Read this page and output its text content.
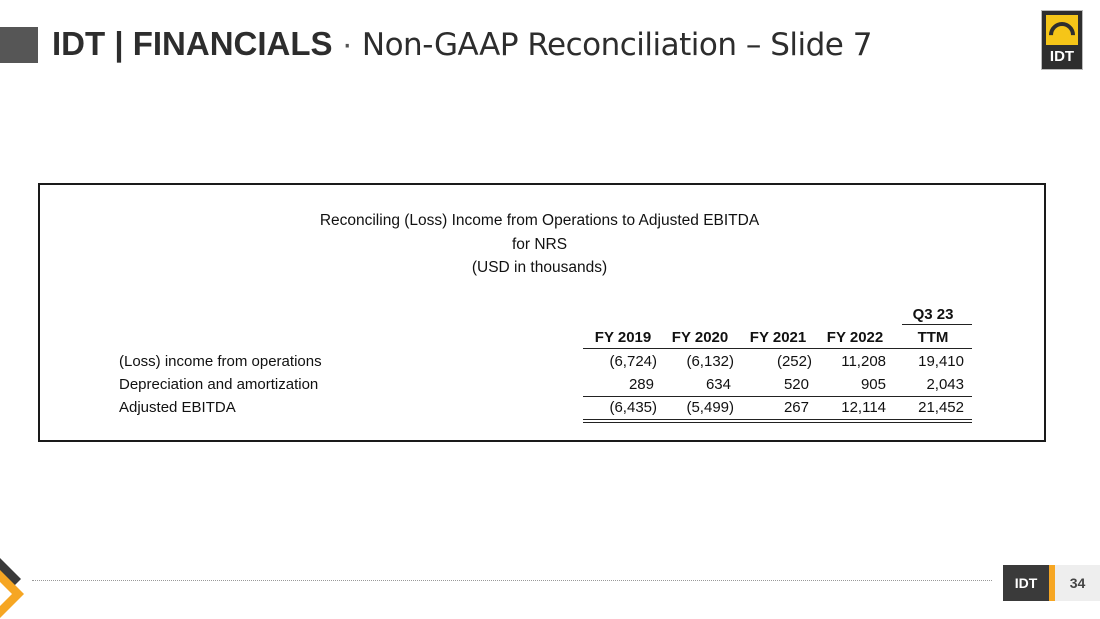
IDT | FINANCIALS · Non-GAAP Reconciliation – Slide 7	IDT
Reconciling (Loss) Income from Operations to Adjusted EBITDA
for NRS
(USD in thousands)
Q3 23
FY 2019	FY 2020	FY 2021	FY 2022	TTM
(Loss) income from operations	(6,724)	(6,132)	(252)	11,208	19,410
Depreciation and amortization	289	634	520	905	2,043
Adjusted EBITDA	(6,435)	(5,499)	267	12,114	21,452
IDT	34
